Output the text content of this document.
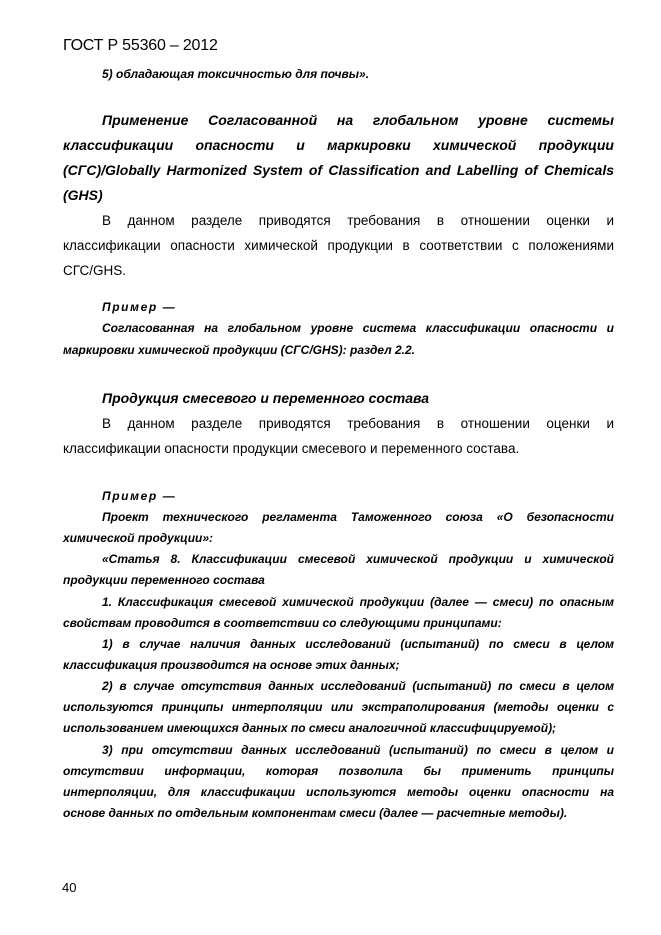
ГОСТ Р 55360 – 2012

5) обладающая токсичностью для почвы».

Применение Согласованной на глобальном уровне системы

классификации опасности и маркировки химической продукции

(СГС)/Globally Harmonized System of Classification and Labelling of Chemicals

(GHS)

В данном разделе приводятся требования в отношении оценки и

классификации опасности химической продукции в соответствии с положениями

СГС/GHS.

Пример —

Согласованная на глобальном уровне система классификации опасности и

маркировки химической продукции (СГС/GHS): раздел 2.2.

Продукция смесевого и переменного состава

В данном разделе приводятся требования в отношении оценки и

классификации опасности продукции смесевого и переменного состава.

Пример —

Проект технического регламента Таможенного союза «О безопасности

химической продукции»:

«Статья 8. Классификации смесевой химической продукции и химической

продукции переменного состава

1. Классификация смесевой химической продукции (далее — смеси) по опасным

свойствам проводится в соответствии со следующими принципами:

1) в случае наличия данных исследований (испытаний) по смеси в целом

классификация производится на основе этих данных;

2) в случае отсутствия данных исследований (испытаний) по смеси в целом

используются принципы интерполяции или экстраполирования (методы оценки с

использованием имеющихся данных по смеси аналогичной классифицируемой);

3) при отсутствии данных исследований (испытаний) по смеси в целом и

отсутствии информации, которая позволила бы применить принципы

интерполяции, для классификации используются методы оценки опасности на

основе данных по отдельным компонентам смеси (далее — расчетные методы).

40
